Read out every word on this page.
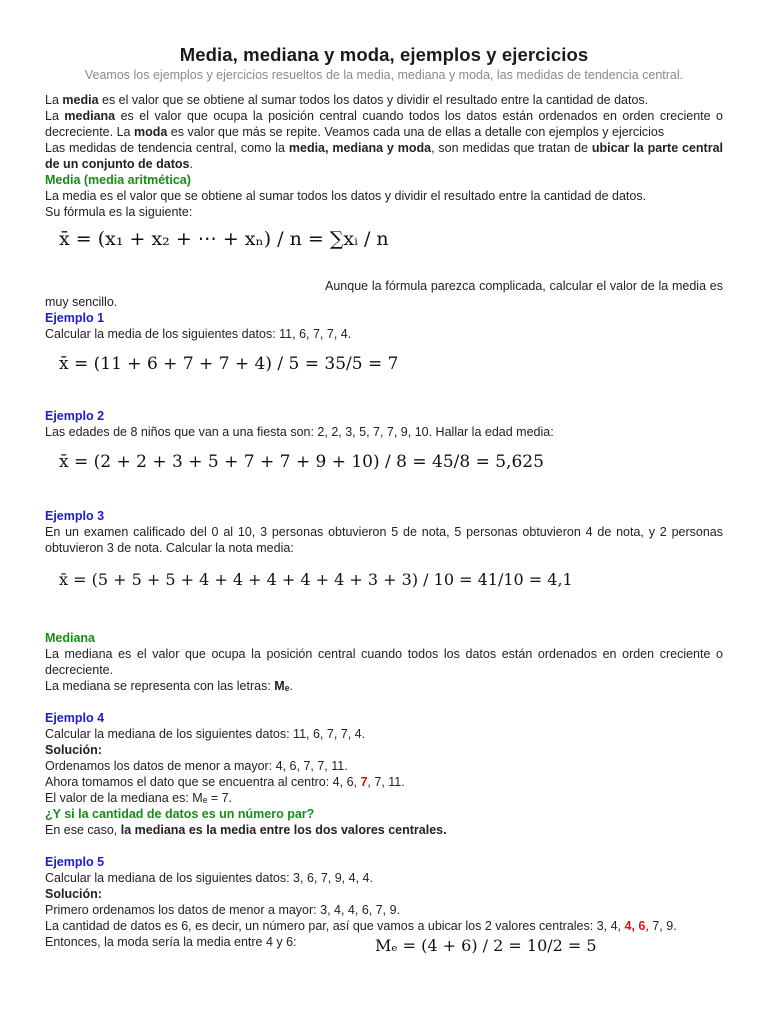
Media, mediana y moda, ejemplos y ejercicios
Veamos los ejemplos y ejercicios resueltos de la media, mediana y moda, las medidas de tendencia central.

La media es el valor que se obtiene al sumar todos los datos y dividir el resultado entre la cantidad de datos.

La mediana es el valor que ocupa la posición central cuando todos los datos están ordenados en orden creciente o decreciente. La moda es valor que más se repite. Veamos cada una de ellas a detalle con ejemplos y ejercicios

Las medidas de tendencia central, como la media, mediana y moda, son medidas que tratan de ubicar la parte central de un conjunto de datos.

Media (media aritmética)

La media es el valor que se obtiene al sumar todos los datos y dividir el resultado entre la cantidad de datos.

Su fórmula es la siguiente:

x̄ = (x₁ + x₂ + ⋯ + xₙ) / n = ∑xᵢ / n

Aunque la fórmula parezca complicada, calcular el valor de la media es muy sencillo.

Ejemplo 1

Calcular la media de los siguientes datos: 11, 6, 7, 7, 4.

x̄ = (11 + 6 + 7 + 7 + 4) / 5 = 35/5 = 7
Ejemplo 2

Las edades de 8 niños que van a una fiesta son: 2, 2, 3, 5, 7, 7, 9, 10. Hallar la edad media:

x̄ = (2 + 2 + 3 + 5 + 7 + 7 + 9 + 10) / 8 = 45/8 = 5,625
Ejemplo 3

En un examen calificado del 0 al 10, 3 personas obtuvieron 5 de nota, 5 personas obtuvieron 4 de nota, y 2 personas obtuvieron 3 de nota. Calcular la nota media:

x̄ = (5 + 5 + 5 + 4 + 4 + 4 + 4 + 4 + 3 + 3) / 10 = 41/10 = 4,1
Mediana

La mediana es el valor que ocupa la posición central cuando todos los datos están ordenados en orden creciente o decreciente.

La mediana se representa con las letras: Mₑ.

Ejemplo 4

Calcular la mediana de los siguientes datos: 11, 6, 7, 7, 4.

Solución:

Ordenamos los datos de menor a mayor: 4, 6, 7, 7, 11.

Ahora tomamos el dato que se encuentra al centro: 4, 6, 7, 7, 11.

El valor de la mediana es: Mₑ = 7.

¿Y si la cantidad de datos es un número par?

En ese caso, la mediana es la media entre los dos valores centrales.

Ejemplo 5

Calcular la mediana de los siguientes datos: 3, 6, 7, 9, 4, 4.

Solución:

Primero ordenamos los datos de menor a mayor: 3, 4, 4, 6, 7, 9.

La cantidad de datos es 6, es decir, un número par, así que vamos a ubicar los 2 valores centrales: 3, 4, 4, 6, 7, 9.

Entonces, la moda sería la media entre 4 y 6:	Mₑ = (4 + 6) / 2 = 10/2 = 5
